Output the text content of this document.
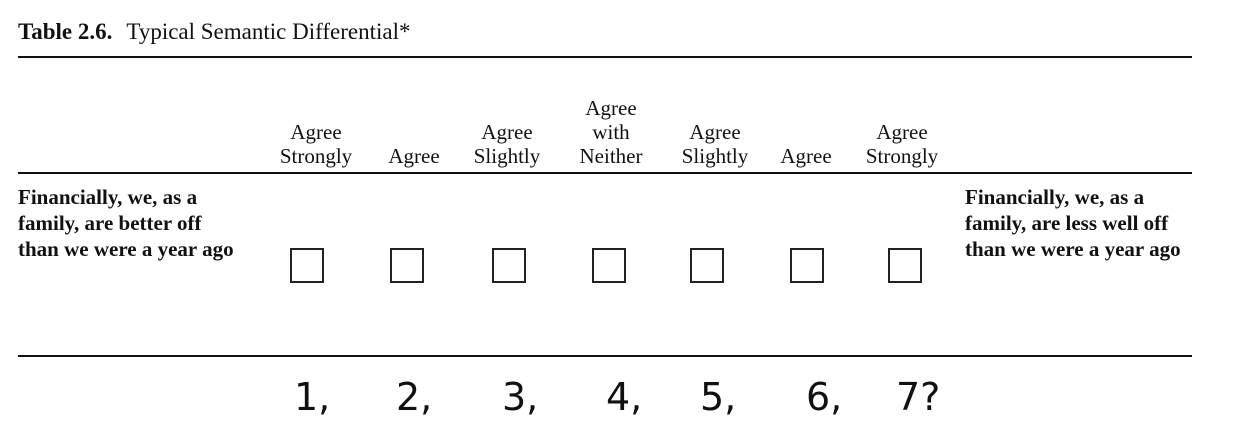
Table 2.6. Typical Semantic Differential*
Agree
Strongly	Agree
Agree
Slightly
Agree
with
Neither
Agree
Slightly	Agree
Agree
Strongly
Financially, we, as a family, are better off than we were a year ago
Financially, we, as a family, are less well off than we were a year ago
1, 2, 3, 4, 5, 6, 7?
